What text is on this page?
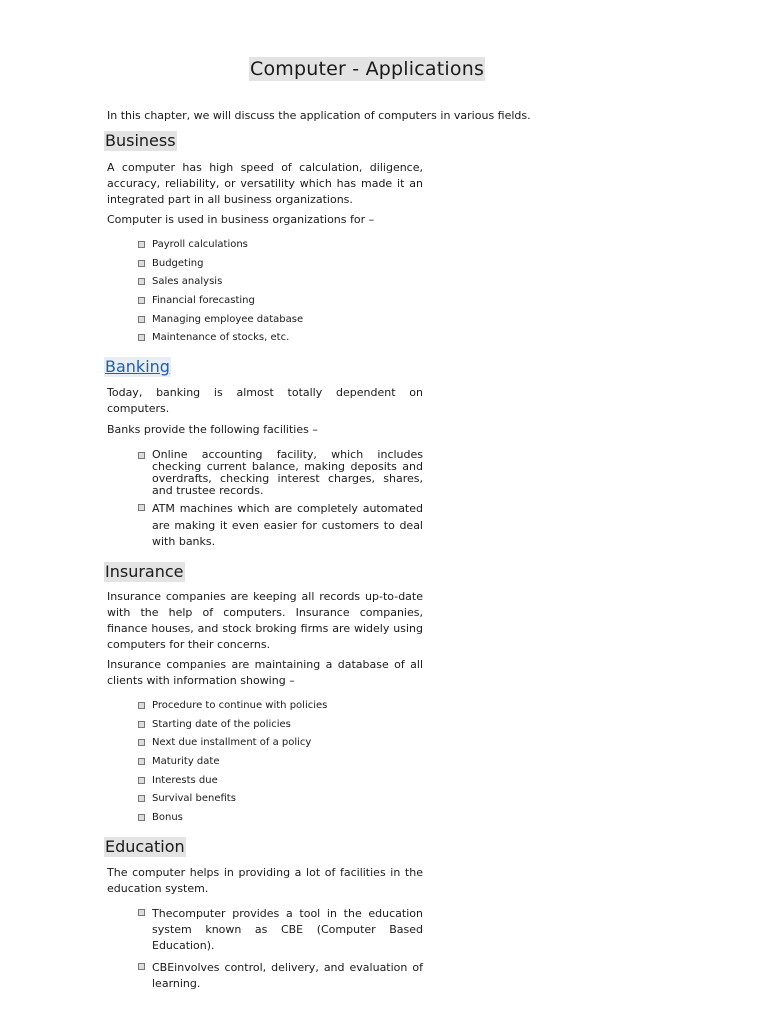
Computer - Applications
In this chapter, we will discuss the application of computers in various fields.
Business
A computer has high speed of calculation, diligence, accuracy, reliability, or versatility which has made it an integrated part in all business organizations.
Computer is used in business organizations for –
Payroll calculations
Budgeting
Sales analysis
Financial forecasting
Managing employee database
Maintenance of stocks, etc.
Banking
Today, banking is almost totally dependent on computers.
Banks provide the following facilities –
Online accounting facility, which includes checking current balance, making deposits and overdrafts, checking interest charges, shares, and trustee records.
ATM machines which are completely automated are making it even easier for customers to deal with banks.
Insurance
Insurance companies are keeping all records up-to-date with the help of computers. Insurance companies, finance houses, and stock broking firms are widely using computers for their concerns.
Insurance companies are maintaining a database of all clients with information showing –
Procedure to continue with policies
Starting date of the policies
Next due installment of a policy
Maturity date
Interests due
Survival benefits
Bonus
Education
The computer helps in providing a lot of facilities in the education system.
Thecomputer provides a tool in the education system known as CBE (Computer Based Education).
CBEinvolves control, delivery, and evaluation of learning.
